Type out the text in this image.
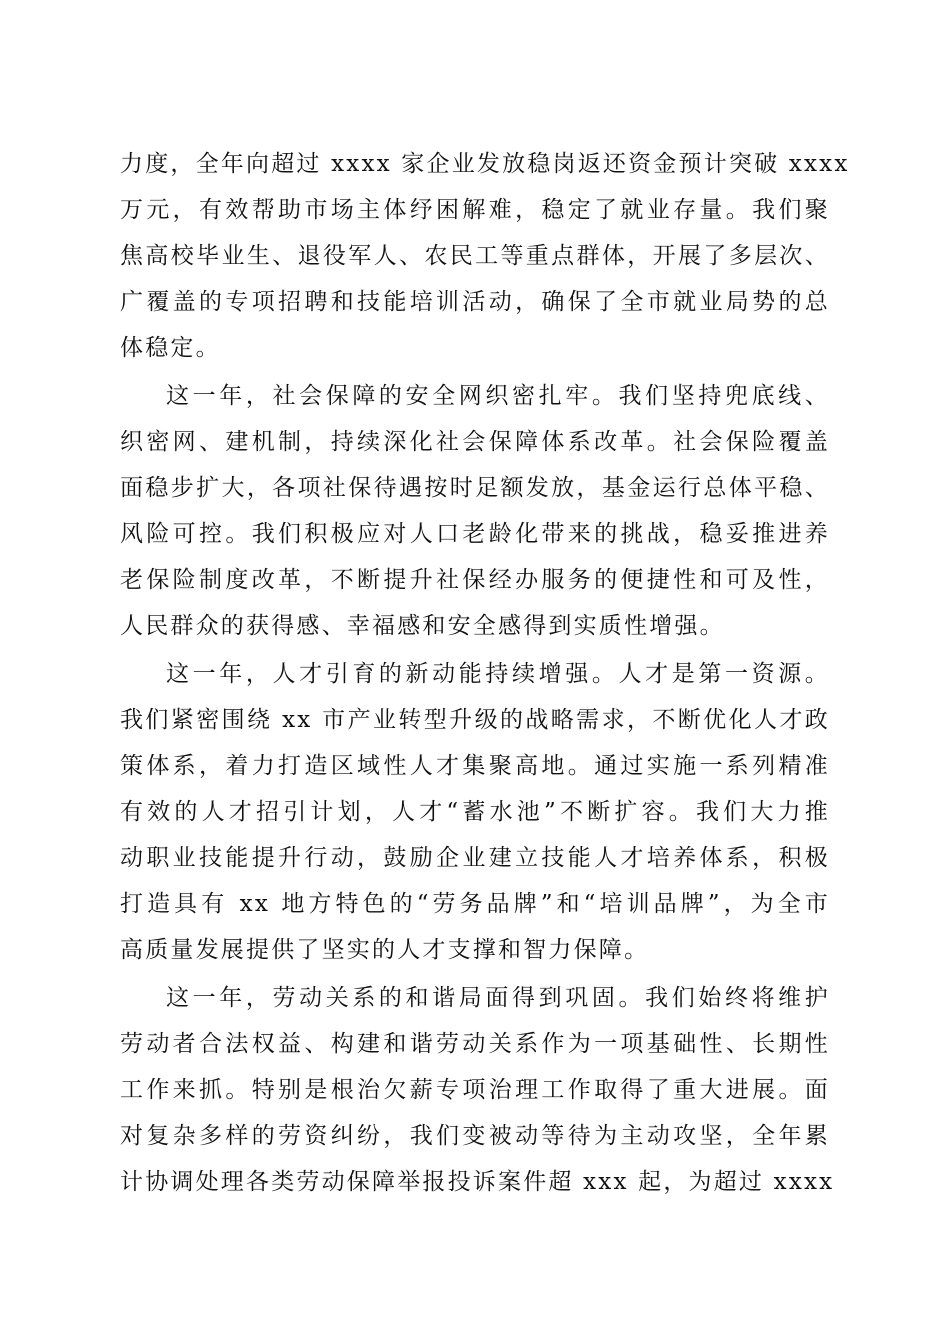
力度，全年向超过 xxxx 家企业发放稳岗返还资金预计突破 xxxx
万元，有效帮助市场主体纾困解难，稳定了就业存量。我们聚
焦高校毕业生、退役军人、农民工等重点群体，开展了多层次、
广覆盖的专项招聘和技能培训活动，确保了全市就业局势的总
体稳定。
这一年，社会保障的安全网织密扎牢。我们坚持兜底线、
织密网、建机制，持续深化社会保障体系改革。社会保险覆盖
面稳步扩大，各项社保待遇按时足额发放，基金运行总体平稳、
风险可控。我们积极应对人口老龄化带来的挑战，稳妥推进养
老保险制度改革，不断提升社保经办服务的便捷性和可及性，
人民群众的获得感、幸福感和安全感得到实质性增强。
这一年，人才引育的新动能持续增强。人才是第一资源。
我们紧密围绕 xx 市产业转型升级的战略需求，不断优化人才政
策体系，着力打造区域性人才集聚高地。通过实施一系列精准
有效的人才招引计划，人才“蓄水池”不断扩容。我们大力推
动职业技能提升行动，鼓励企业建立技能人才培养体系，积极
打造具有 xx 地方特色的“劳务品牌”和“培训品牌”，为全市
高质量发展提供了坚实的人才支撑和智力保障。
这一年，劳动关系的和谐局面得到巩固。我们始终将维护
劳动者合法权益、构建和谐劳动关系作为一项基础性、长期性
工作来抓。特别是根治欠薪专项治理工作取得了重大进展。面
对复杂多样的劳资纠纷，我们变被动等待为主动攻坚，全年累
计协调处理各类劳动保障举报投诉案件超 xxx 起，为超过 xxxx
